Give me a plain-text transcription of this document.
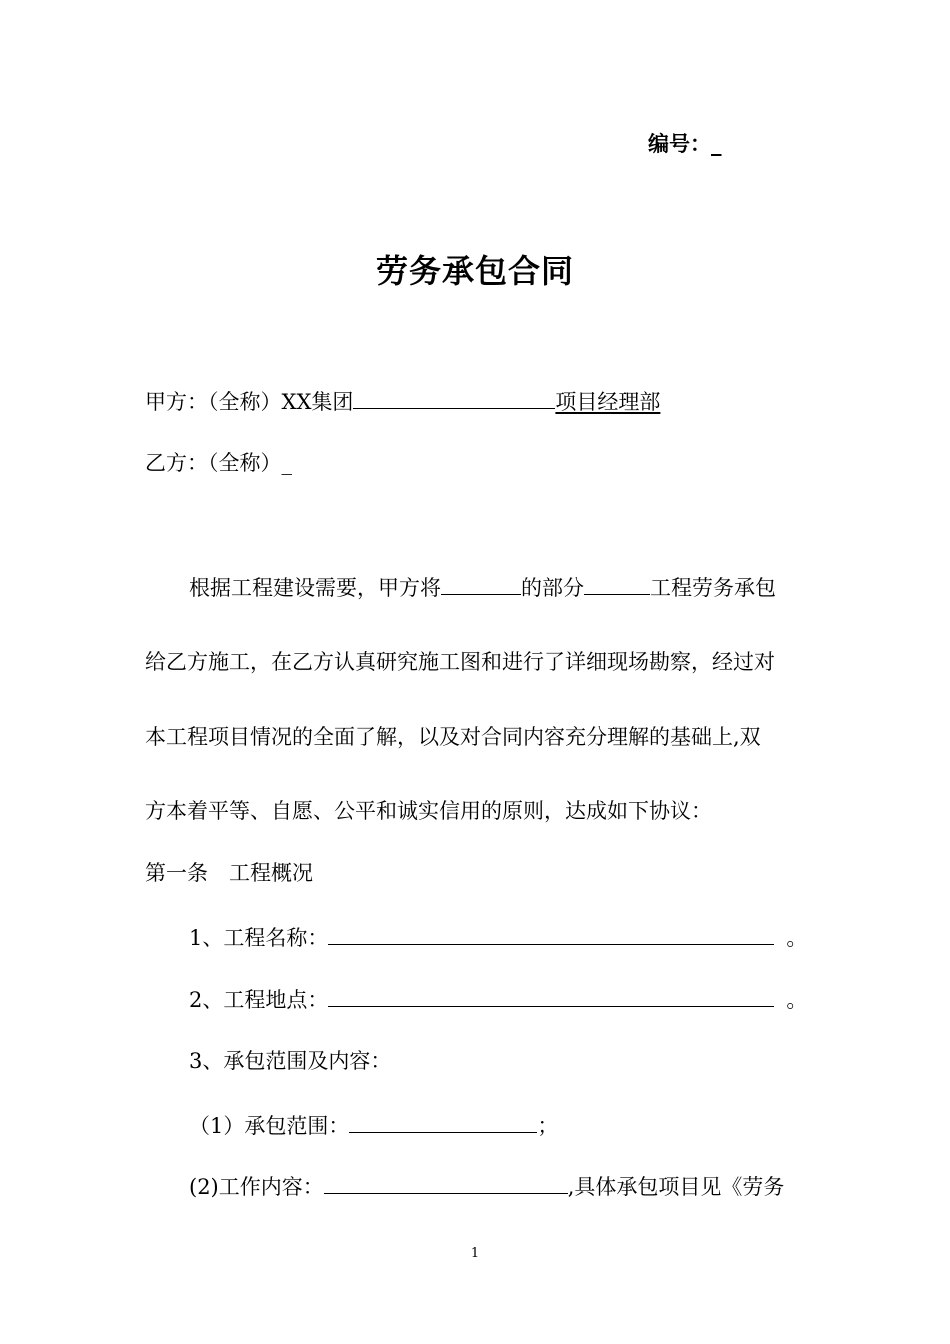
编号：_
劳务承包合同
甲方：（全称）XX集团	项目经理部
乙方：（全称）_
根据工程建设需要，甲方将	的部分	工程劳务承包
给乙方施工，在乙方认真研究施工图和进行了详细现场勘察，经过对
本工程项目情况的全面了解，以及对合同内容充分理解的基础上,双
方本着平等、自愿、公平和诚实信用的原则，达成如下协议：
第一条　工程概况
1、工程名称：	。
2、工程地点：	。
3、承包范围及内容：
（1）承包范围：	；
(2)工作内容：	,具体承包项目见《劳务
1
